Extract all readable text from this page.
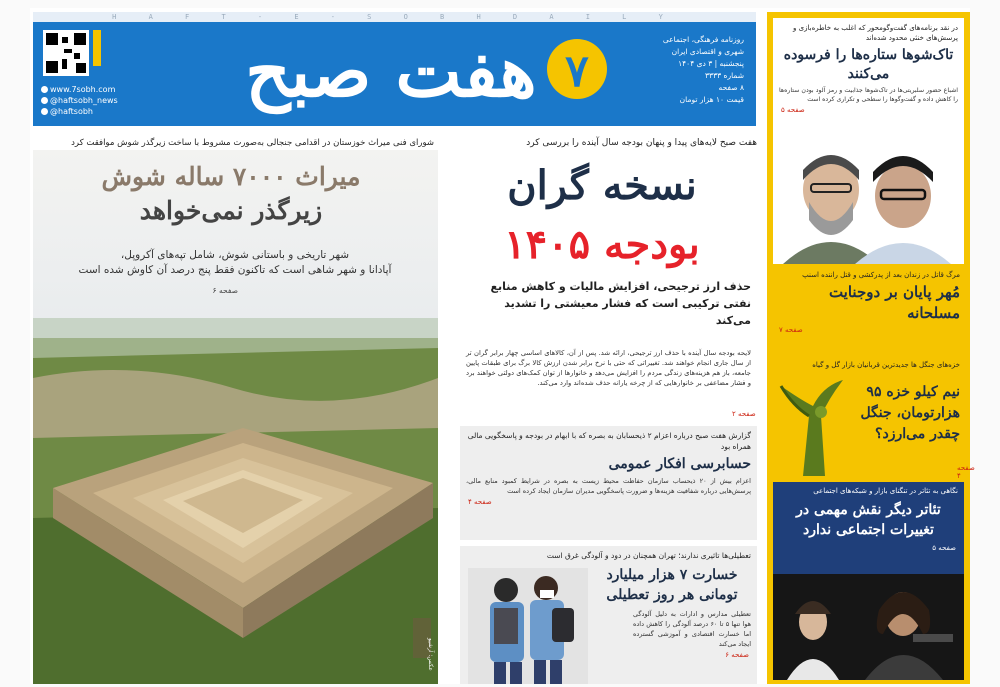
H A F T - E - S O B H D A I L Y
www.7sobh.com
@haftsobh_news
@haftsobh	هفت صبح ۷
روزنامه فرهنگی، اجتماعی
شهری و اقتصادی ایران
پنجشنبه | ۳ دی ۱۴۰۴
شماره ۳۳۳۳
۸ صفحه
قیمت ۱۰ هزار تومان
شورای فنی میراث خوزستان در اقدامی جنجالی به‌صورت مشروط با ساخت زیرگذر شوش موافقت کرد
میراث ۷۰۰۰ ساله شوش
زیرگذر نمی‌خواهد
شهر تاریخی و باستانی شوش، شامل تپه‌های آکروپل،
آپادانا و شهر شاهی است که تاکنون فقط پنج درصد آن کاوش شده است
صفحه ۶
عکس: آرشیو
هفت صبح لایه‌های پیدا و پنهان بودجه سال آینده را بررسی کرد
نسخه گران
بودجه ۱۴۰۵
حذف ارز ترجیحی، افزایش مالیات و کاهش منابع نفتی ترکیبی است که فشار معیشتی را تشدید می‌کند
لایحه بودجه سال آینده با حذف ارز ترجیحی، ارائه شد. پس از آن، کالاهای اساسی چهار برابر گران تر از سال جاری انجام خواهند شد. تغییراتی که حتی با نرخ برابر شدن ارزش کالا برگ برای طبقات پایین جامعه، باز هم هزینه‌های زندگی مردم را افزایش می‌دهد و خانوارها از توان کمک‌های دولتی خواهند برد و فشار مضاعفی بر خانوارهایی که از چرخه یارانه حذف شده‌اند وارد می‌کند.
صفحه ۲
گزارش هفت صبح درباره اعزام ۲ ذیحسابان به بصره که با ابهام در بودجه و پاسخگویی مالی همراه بود
حسابرسی افکار عمومی
اعزام بیش از ۲۰ ذیحساب سازمان حفاظت محیط زیست به بصره در شرایط کمبود منابع مالی، پرسش‌هایی درباره شفافیت هزینه‌ها و ضرورت پاسخگویی مدیران سازمان ایجاد کرده است
صفحه ۴
تعطیلی‌ها تاثیری ندارند؛ تهران همچنان در دود و آلودگی غرق است
خسارت ۷ هزار میلیارد تومانی هر روز تعطیلی
تعطیلی مدارس و ادارات به دلیل آلودگی هوا تنها ۵ تا ۶۰ درصد آلودگی را کاهش داده اما خسارت اقتصادی و آموزشی گسترده ایجاد می‌کند
صفحه ۶
در نقد برنامه‌های گفت‌وگومحور که اغلب به خاطره‌بازی و پرسش‌های خنثی محدود شده‌اند
تاک‌شوها ستاره‌ها را فرسوده می‌کنند
اشباع حضور سلبریتی‌ها در تاک‌شوها جذابیت و رمز آلود بودن ستاره‌ها را کاهش داده و گفت‌وگوها را سطحی و تکراری کرده است
صفحه ۵
مرگ قاتل در زندان بعد از پدرکشی و قتل راننده اسنپ
مُهر پایان بر دوجنایت مسلحانه
صفحه ۷
خزه‌های جنگل ها جدیدترین قربانیان بازار گل و گیاه
نیم کیلو خزه ۹۵ هزارتومان، جنگل چقدر می‌ارزد؟
صفحه ۴
نگاهی به تئاتر در تنگنای بازار و شبکه‌های اجتماعی
تئاتر دیگر نقش مهمی در تغییرات اجتماعی ندارد
صفحه ۵
